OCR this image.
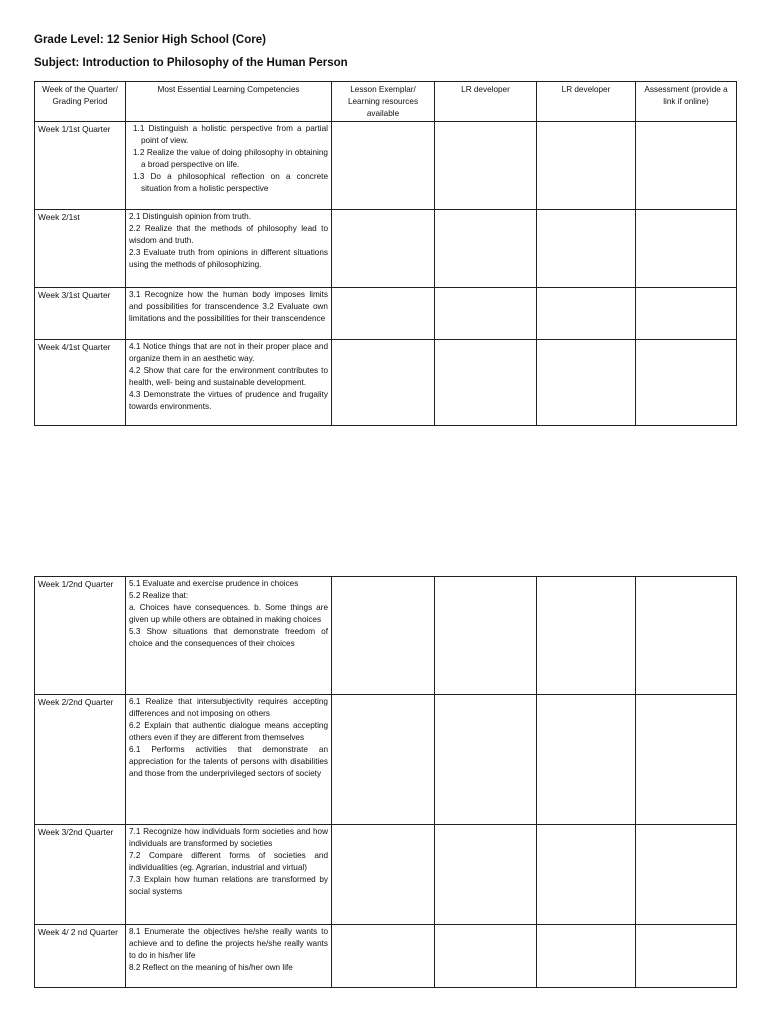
Grade Level: 12 Senior High School (Core)
Subject: Introduction to Philosophy of the Human Person
Week of the Quarter/ Grading Period	Most Essential Learning Competencies	Lesson Exemplar/ Learning resources available	LR developer	LR developer	Assessment (provide a link if online)
Week 1/1st Quarter	1.1 Distinguish a holistic perspective from a partial point of view.
1.2 Realize the value of doing philosophy in obtaining a broad perspective on life.
1.3 Do a philosophical reflection on a concrete situation from a holistic perspective				

Week 2/1st	2.1 Distinguish opinion from truth.
2.2 Realize that the methods of philosophy lead to wisdom and truth.
2.3 Evaluate truth from opinions in different situations using the methods of philosophizing.				

Week 3/1st Quarter	3.1 Recognize how the human body imposes limits and possibilities for transcendence 3.2 Evaluate own limitations and the possibilities for their transcendence				

Week 4/1st Quarter	4.1 Notice things that are not in their proper place and organize them in an aesthetic way.
4.2 Show that care for the environment contributes to health, well- being and sustainable development.
4.3 Demonstrate the virtues of prudence and frugality towards environments.				

Week 1/2nd Quarter	5.1 Evaluate and exercise prudence in choices
5.2 Realize that:
a. Choices have consequences. b. Some things are given up while others are obtained in making choices
5.3 Show situations that demonstrate freedom of choice and the consequences of their choices				

Week 2/2nd Quarter	6.1 Realize that intersubjectivity requires accepting differences and not imposing on others
6.2 Explain that authentic dialogue means accepting others even if they are different from themselves
6.1 Performs activities that demonstrate an appreciation for the talents of persons with disabilities and those from the underprivileged sectors of society				

Week 3/2nd Quarter	7.1 Recognize how individuals form societies and how individuals are transformed by societies
7.2 Compare different forms of societies and individualities (eg. Agrarian, industrial and virtual)
7.3 Explain how human relations are transformed by social systems				

Week 4/ 2 nd Quarter	8.1 Enumerate the objectives he/she really wants to achieve and to define the projects he/she really wants to do in his/her life
8.2 Reflect on the meaning of his/her own life				
